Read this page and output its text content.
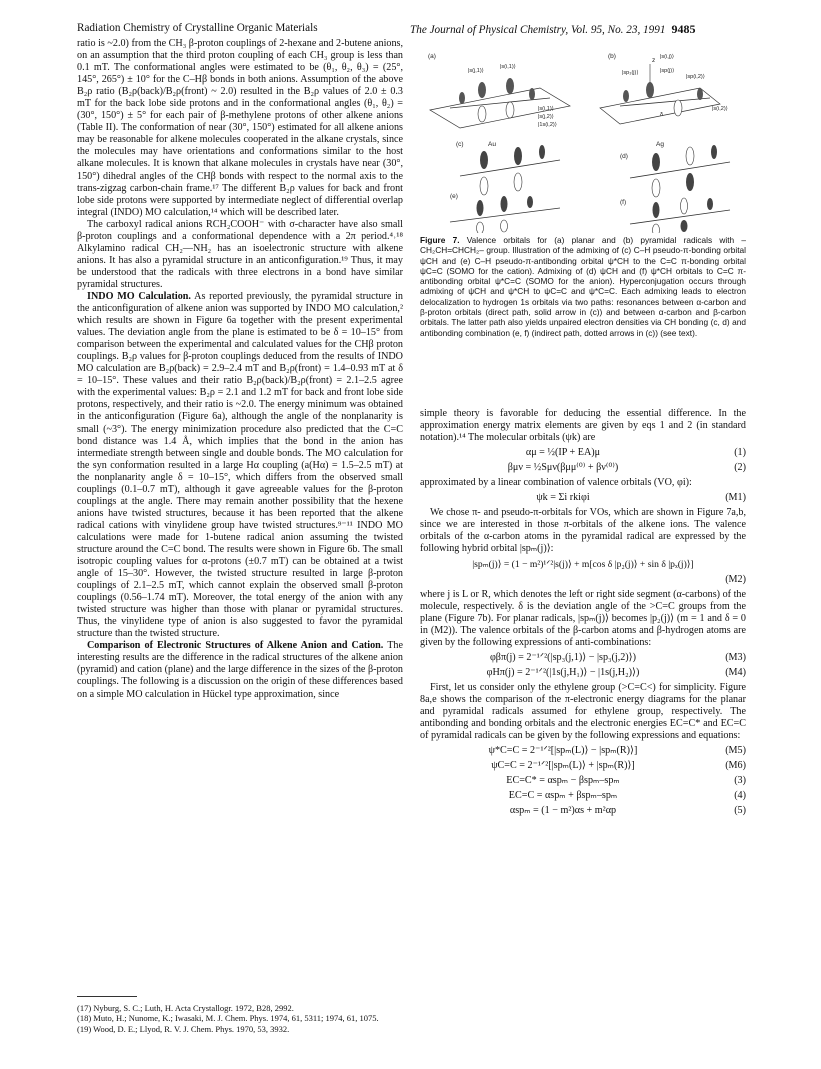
Radiation Chemistry of Crystalline Organic Materials	The Journal of Physical Chemistry, Vol. 95, No. 23, 1991 9485

ratio is ~2.0) from the CH₃ β-proton couplings of 2-hexane and 2-butene anions, on an assumption that the third proton coupling of each CH₃ group is less than 0.1 mT. The conformational angles were estimated to be (θ₁, θ₂, θ₃) = (25°, 145°, 265°) ± 10° for the C–Hβ bonds in both anions. Assumption of the above B₂ρ ratio (B₂ρ(back)/B₂ρ(front) ~ 2.0) resulted in the B₂ρ values of 2.0 ± 0.3 mT for the back lobe side protons and in the conformational angles (θ₁, θ₂) = (30°, 150°) ± 5° for each pair of β-methylene protons of other alkene anions (Table II). The conformation of near (30°, 150°) estimated for all alkene anions may be reasonable for alkene molecules cooperated in the alkane crystals, since the molecules may have orientations and conformations similar to the host alkane molecules. It is known that alkane molecules in crystals have near (30°, 150°) dihedral angles of the CHβ bonds with respect to the normal axis to the trans-zigzag carbon-chain frame.¹⁷ The different B₂ρ values for back and front lobe side protons were supported by intermediate neglect of differential overlap integral (INDO) MO calculation,¹⁴ which will be described later.

The carboxyl radical anions RCH₂COOH⁻ with σ-character have also small β-proton couplings and a conformational dependence with a 2π period.⁴˒¹⁸ Alkylamino radical CH₂—NH₂ has an isoelectronic structure with alkene anions. It has also a pyramidal structure in an anticonfiguration.¹⁹ Thus, it may be understood that the radicals with three electrons in a bond have similar pyramidal structures.

INDO MO Calculation. As reported previously, the pyramidal structure in the anticonfiguration of alkene anion was supported by INDO MO calculation,² which results are shown in Figure 6a together with the present experimental values. The deviation angle from the plane is estimated to be δ = 10–15° from comparison between the experimental and calculated values for the CHβ proton couplings. B₂ρ values for β-proton couplings deduced from the results of INDO MO calculation are B₂ρ(back) = 2.9–2.4 mT and B₂ρ(front) = 1.4–0.93 mT at δ = 10–15°. These values and their ratio B₂ρ(back)/B₂ρ(front) = 2.1–2.5 agree with the experimental values: B₂ρ = 2.1 and 1.2 mT for back and front lobe side protons, respectively, and their ratio is ~2.0. The energy minimum was obtained in the anticonfiguration (Figure 6a), although the angle of the nonplanarity is small (~3°). The energy minimization procedure also predicted that the C=C bond distance was 1.4 Å, which implies that the bond in the anion has intermediate strength between single and double bonds. The MO calculation for the syn conformation resulted in a large Hα coupling (a(Hα) = 1.5–2.5 mT) at the nonplanarity angle δ = 10–15°, which differs from the observed small couplings (0.1–0.7 mT), although it gave agreeable values for the β-proton couplings at the angle. There may remain another possibility that the hexene anions have twisted structures, because it has been reported that the alkene radical cations with vinylidene group have twisted structures.⁹⁻¹¹ INDO MO calculations were made for 1-butene radical anion assuming the twisted structure around the C=C bond. The results were shown in Figure 6b. The small isotropic coupling values for α-protons (±0.7 mT) can be obtained at a twist angle of 15–30°. However, the twisted structure resulted in large β-proton couplings of 2.1–2.5 mT, which cannot explain the observed small β-proton couplings (0.56–1.74 mT). Moreover, the total energy of the anion with any twisted structure was higher than those with planar or pyramidal structures. Thus, the vinylidene type of anion is also suggested to favor the pyramidal structure than the twisted structure.

Comparison of Electronic Structures of Alkene Anion and Cation. The interesting results are the difference in the radical structures of the alkene anion (pyramid) and cation (plane) and the large difference in the sizes of the β-proton couplings. The following is a discussion on the origin of these differences based on a simple MO calculation in Hückel type approximation, since

(a)
|s(j,1)⟩
|s(i,1)⟩
|s(i,1)⟩
|s(j,2)⟩
|1s(i,2)⟩
(b)
z |s(i,j)⟩
|sp(j)⟩
|sp₃(j)⟩
|sp(i,2)⟩
|s(i,2)⟩
δ
(c)	Au
(d)
Ag
(e)
(f)
Figure 7. Valence orbitals for (a) planar and (b) pyramidal radicals with –CH₂CH=CHCH₂– group. Illustration of the admixing of (c) C–H pseudo-π-bonding orbital ψCH and (e) C–H pseudo-π-antibonding orbital ψ*CH to the C=C π-bonding orbital ψC=C (SOMO for the cation). Admixing of (d) ψCH and (f) ψ*CH orbitals to C=C π-antibonding orbital ψ*C=C (SOMO for the anion). Hyperconjugation occurs through admixing of ψCH and ψ*CH to ψC=C and ψ*C=C. Each admixing leads to electron delocalization to hydrogen 1s orbitals via two paths: resonances between α-carbon and β-proton orbitals (direct path, solid arrow in (c)) and between α-carbon and β-carbon orbitals. The latter path also yields unpaired electron densities via CH bonding (c, d) and antibonding combination (e, f) (indirect path, dotted arrows in (c)) (see text).

simple theory is favorable for deducing the essential difference. In the approximation energy matrix elements are given by eqs 1 and 2 (in standard notation).¹⁴ The molecular orbitals (ψk) are

αμ = ½(IP + EA)μ	(1)
βμν = ½Sμν(βμμ⁽⁰⁾ + βν⁽⁰⁾)	(2)

approximated by a linear combination of valence orbitals (VO, φi):

ψk = Σi rkiφi	(M1)

We chose π- and pseudo-π-orbitals for VOs, which are shown in Figure 7a,b, since we are interested in those π-orbitals of the alkene ions. The valence orbitals of the α-carbon atoms in the pyramidal radical are expressed by the following hybrid orbital |spₘ(j)⟩:

|spₘ(j)⟩ = (1 − m²)¹ᐟ²|s(j)⟩ + m[cos δ |p₂(j)⟩ + sin δ |pₓ(j)⟩]
(M2)

where j is L or R, which denotes the left or right side segment (α-carbons) of the molecule, respectively. δ is the deviation angle of the >C=C groups from the plane (Figure 7b). For planar radicals, |spₘ(j)⟩ becomes |p₂(j)⟩ (m = 1 and δ = 0 in (M2)). The valence orbitals of the β-carbon atoms and β-hydrogen atoms are given by the following expressions of anti-combinations:

φβπ(j) = 2⁻¹ᐟ²(|sp₃(j,1)⟩ − |sp₃(j,2)⟩)	(M3)
φHπ(j) = 2⁻¹ᐟ²(|1s(j,H₁)⟩ − |1s(j,H₂)⟩)	(M4)

First, let us consider only the ethylene group (>C=C<) for simplicity. Figure 8a,e shows the comparison of the π-electronic energy diagrams for the planar and pyramidal radicals assumed for ethylene group, respectively. The antibonding and bonding orbitals and the electronic energies EC=C* and EC=C of pyramidal radicals can be given by the following expressions and equations:

ψ*C=C = 2⁻¹ᐟ²[|spₘ(L)⟩ − |spₘ(R)⟩]	(M5)
ψC=C = 2⁻¹ᐟ²[|spₘ(L)⟩ + |spₘ(R)⟩]	(M6)
EC=C* = αspₘ − βspₘ–spₘ	(3)
EC=C = αspₘ + βspₘ–spₘ	(4)
αspₘ = (1 − m²)αs + m²αp	(5)
(17) Nyburg, S. C.; Luth, H. Acta Crystallogr. 1972, B28, 2992.
(18) Muto, H.; Nunome, K.; Iwasaki, M. J. Chem. Phys. 1974, 61, 5311; 1974, 61, 1075.
(19) Wood, D. E.; Llyod, R. V. J. Chem. Phys. 1970, 53, 3932.
